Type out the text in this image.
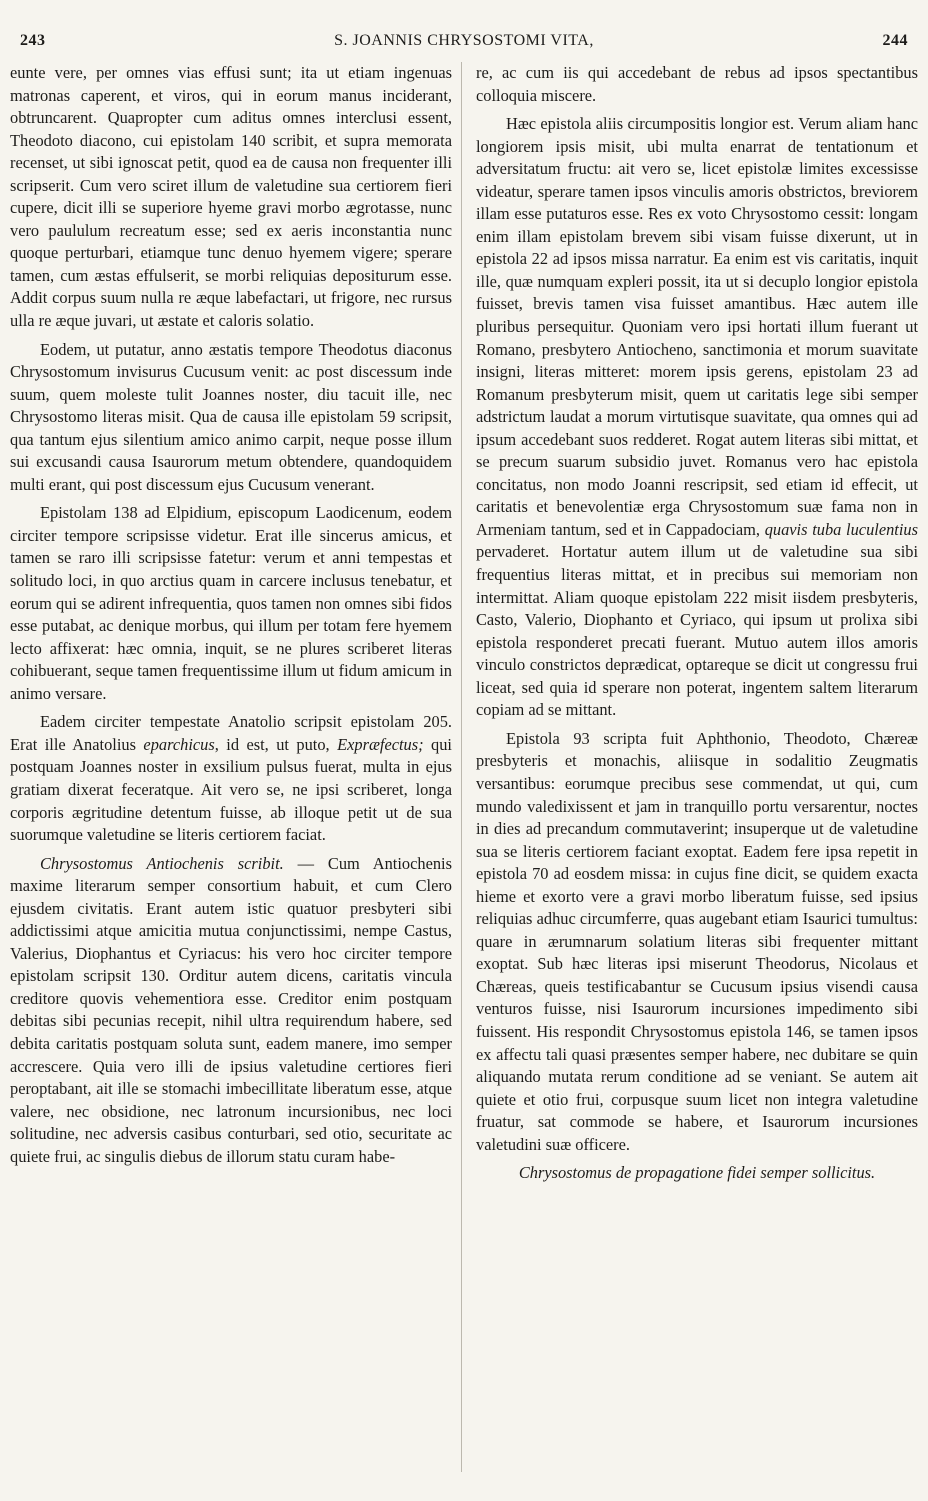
243	S. JOANNIS CHRYSOSTOMI VITA,	244

eunte vere, per omnes vias effusi sunt; ita ut etiam ingenuas matronas caperent, et viros, qui in eorum manus inciderant, obtruncarent. Quapropter cum aditus omnes interclusi essent, Theodoto diacono, cui epistolam 140 scribit, et supra memorata recenset, ut sibi ignoscat petit, quod ea de causa non frequenter illi scripserit. Cum vero sciret illum de valetudine sua certiorem fieri cupere, dicit illi se superiore hyeme gravi morbo ægrotasse, nunc vero paululum recreatum esse; sed ex aeris inconstantia nunc quoque perturbari, etiamque tunc denuo hyemem vigere; sperare tamen, cum æstas effulserit, se morbi reliquias depositurum esse. Addit corpus suum nulla re æque labefactari, ut frigore, nec rursus ulla re æque juvari, ut æstate et caloris solatio.

Eodem, ut putatur, anno æstatis tempore Theodotus diaconus Chrysostomum invisurus Cucusum venit: ac post discessum inde suum, quem moleste tulit Joannes noster, diu tacuit ille, nec Chrysostomo literas misit. Qua de causa ille epistolam 59 scripsit, qua tantum ejus silentium amico animo carpit, neque posse illum sui excusandi causa Isaurorum metum obtendere, quandoquidem multi erant, qui post discessum ejus Cucusum venerant.

Epistolam 138 ad Elpidium, episcopum Laodicenum, eodem circiter tempore scripsisse videtur. Erat ille sincerus amicus, et tamen se raro illi scripsisse fatetur: verum et anni tempestas et solitudo loci, in quo arctius quam in carcere inclusus tenebatur, et eorum qui se adirent infrequentia, quos tamen non omnes sibi fidos esse putabat, ac denique morbus, qui illum per totam fere hyemem lecto affixerat: hæc omnia, inquit, se ne plures scriberet literas cohibuerant, seque tamen frequentissime illum ut fidum amicum in animo versare.

Eadem circiter tempestate Anatolio scripsit epistolam 205. Erat ille Anatolius eparchicus, id est, ut puto, Expræfectus; qui postquam Joannes noster in exsilium pulsus fuerat, multa in ejus gratiam dixerat feceratque. Ait vero se, ne ipsi scriberet, longa corporis ægritudine detentum fuisse, ab illoque petit ut de sua suorumque valetudine se literis certiorem faciat.

Chrysostomus Antiochenis scribit. — Cum Antiochenis maxime literarum semper consortium habuit, et cum Clero ejusdem civitatis. Erant autem istic quatuor presbyteri sibi addictissimi atque amicitia mutua conjunctissimi, nempe Castus, Valerius, Diophantus et Cyriacus: his vero hoc circiter tempore epistolam scripsit 130. Orditur autem dicens, caritatis vincula creditore quovis vehementiora esse. Creditor enim postquam debitas sibi pecunias recepit, nihil ultra requirendum habere, sed debita caritatis postquam soluta sunt, eadem manere, imo semper accrescere. Quia vero illi de ipsius valetudine certiores fieri peroptabant, ait ille se stomachi imbecillitate liberatum esse, atque valere, nec obsidione, nec latronum incursionibus, nec loci solitudine, nec adversis casibus conturbari, sed otio, securitate ac quiete frui, ac singulis diebus de illorum statu curam habe-

re, ac cum iis qui accedebant de rebus ad ipsos spectantibus colloquia miscere.

Hæc epistola aliis circumpositis longior est. Verum aliam hanc longiorem ipsis misit, ubi multa enarrat de tentationum et adversitatum fructu: ait vero se, licet epistolæ limites excessisse videatur, sperare tamen ipsos vinculis amoris obstrictos, breviorem illam esse putaturos esse. Res ex voto Chrysostomo cessit: longam enim illam epistolam brevem sibi visam fuisse dixerunt, ut in epistola 22 ad ipsos missa narratur. Ea enim est vis caritatis, inquit ille, quæ numquam expleri possit, ita ut si decuplo longior epistola fuisset, brevis tamen visa fuisset amantibus. Hæc autem ille pluribus persequitur. Quoniam vero ipsi hortati illum fuerant ut Romano, presbytero Antiocheno, sanctimonia et morum suavitate insigni, literas mitteret: morem ipsis gerens, epistolam 23 ad Romanum presbyterum misit, quem ut caritatis lege sibi semper adstrictum laudat a morum virtutisque suavitate, qua omnes qui ad ipsum accedebant suos redderet. Rogat autem literas sibi mittat, et se precum suarum subsidio juvet. Romanus vero hac epistola concitatus, non modo Joanni rescripsit, sed etiam id effecit, ut caritatis et benevolentiæ erga Chrysostomum suæ fama non in Armeniam tantum, sed et in Cappadociam, quavis tuba luculentius pervaderet. Hortatur autem illum ut de valetudine sua sibi frequentius literas mittat, et in precibus sui memoriam non intermittat. Aliam quoque epistolam 222 misit iisdem presbyteris, Casto, Valerio, Diophanto et Cyriaco, qui ipsum ut prolixa sibi epistola responderet precati fuerant. Mutuo autem illos amoris vinculo constrictos deprædicat, optareque se dicit ut congressu frui liceat, sed quia id sperare non poterat, ingentem saltem literarum copiam ad se mittant.

Epistola 93 scripta fuit Aphthonio, Theodoto, Chæreæ presbyteris et monachis, aliisque in sodalitio Zeugmatis versantibus: eorumque precibus sese commendat, ut qui, cum mundo valedixissent et jam in tranquillo portu versarentur, noctes in dies ad precandum commutaverint; insuperque ut de valetudine sua se literis certiorem faciant exoptat. Eadem fere ipsa repetit in epistola 70 ad eosdem missa: in cujus fine dicit, se quidem exacta hieme et exorto vere a gravi morbo liberatum fuisse, sed ipsius reliquias adhuc circumferre, quas augebant etiam Isaurici tumultus: quare in ærumnarum solatium literas sibi frequenter mittant exoptat. Sub hæc literas ipsi miserunt Theodorus, Nicolaus et Chæreas, queis testificabantur se Cucusum ipsius visendi causa venturos fuisse, nisi Isaurorum incursiones impedimento sibi fuissent. His respondit Chrysostomus epistola 146, se tamen ipsos ex affectu tali quasi præsentes semper habere, nec dubitare se quin aliquando mutata rerum conditione ad se veniant. Se autem ait quiete et otio frui, corpusque suum licet non integra valetudine fruatur, sat commode se habere, et Isaurorum incursiones valetudini suæ officere.

Chrysostomus de propagatione fidei semper sollicitus.
